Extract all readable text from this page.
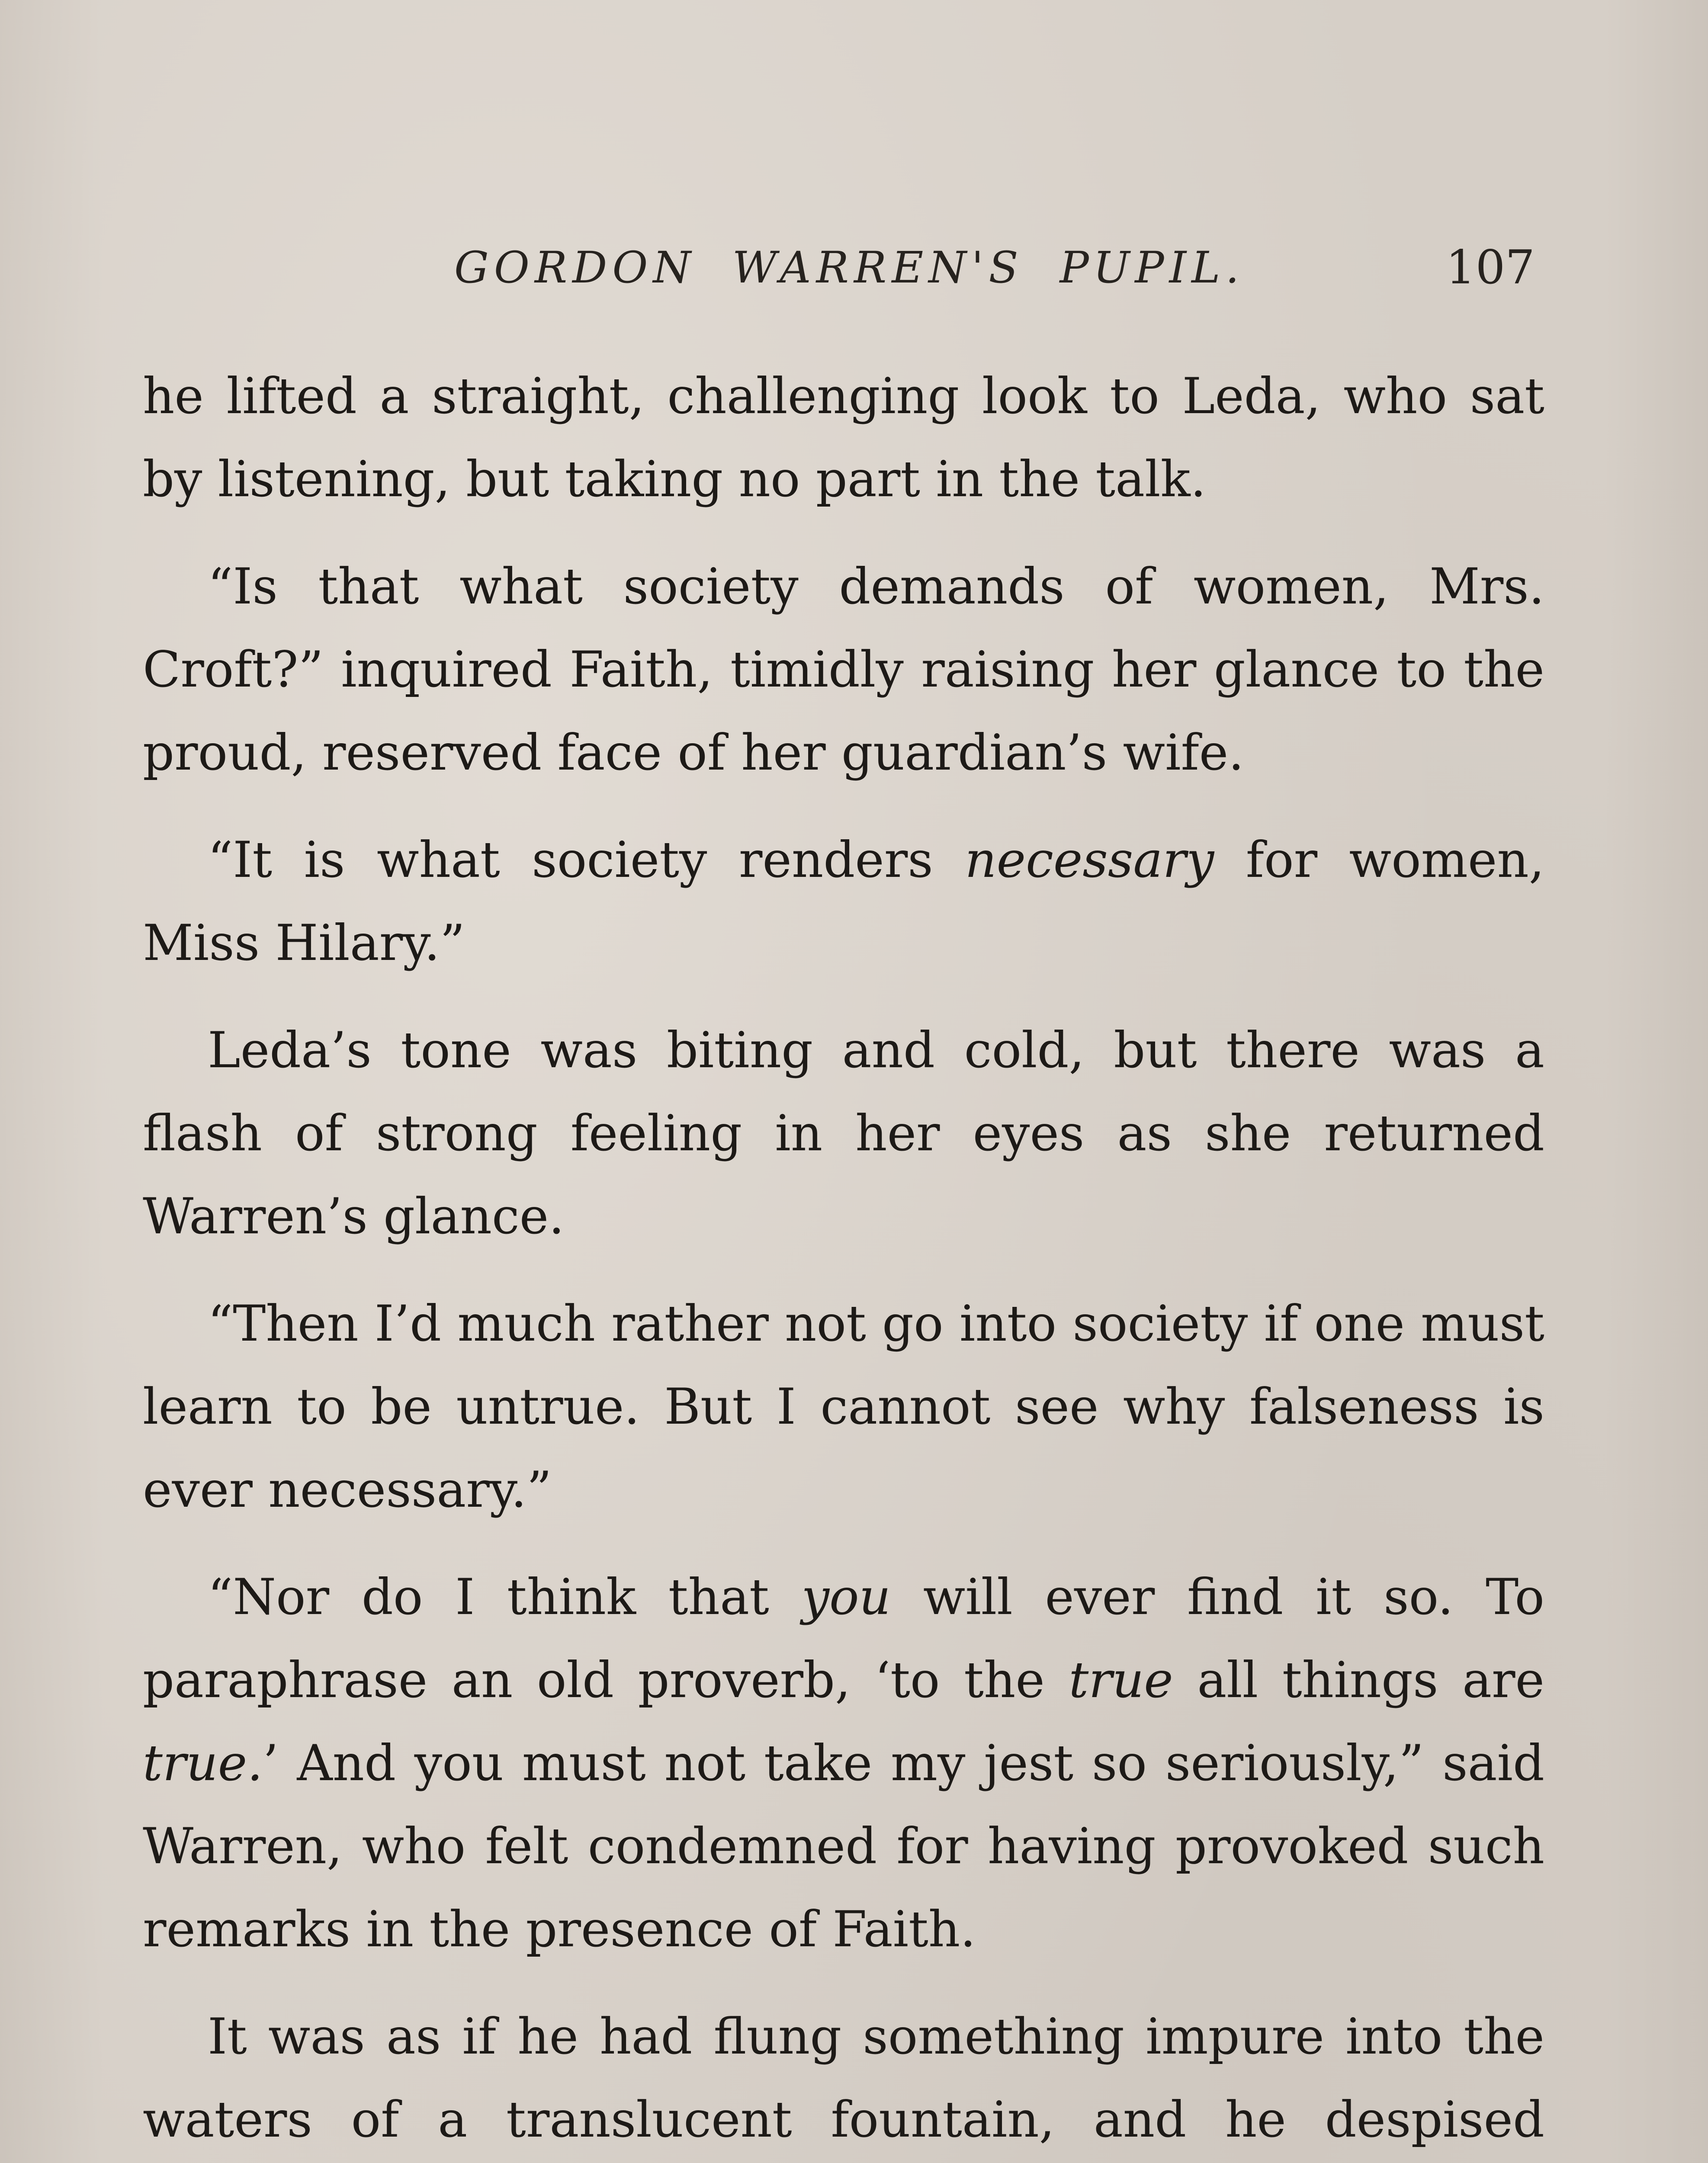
GORDON WARREN'S PUPIL.	107

he lifted a straight, challenging look to Leda, who sat by listening, but taking no part in the talk.

“Is that what society demands of women, Mrs. Croft?” inquired Faith, timidly raising her glance to the proud, reserved face of her guardian’s wife.

“It is what society renders necessary for women, Miss Hilary.”

Leda’s tone was biting and cold, but there was a flash of strong feeling in her eyes as she returned Warren’s glance.

“Then I’d much rather not go into society if one must learn to be untrue. But I cannot see why falseness is ever necessary.”

“Nor do I think that you will ever find it so. To paraphrase an old proverb, ‘to the true all things are true.’ And you must not take my jest so seriously,” said Warren, who felt condemned for having provoked such remarks in the presence of Faith.

It was as if he had flung something impure into the waters of a translucent fountain, and he despised
